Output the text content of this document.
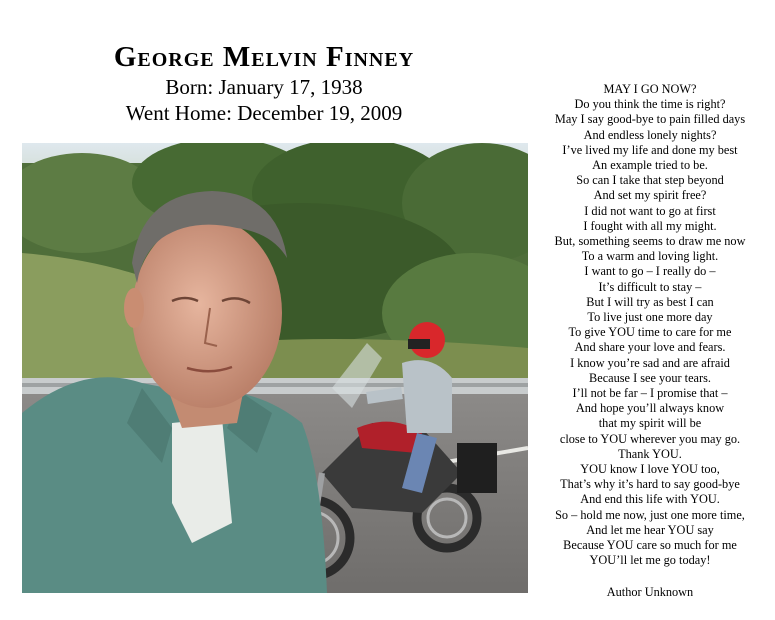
George Melvin Finney
Born: January 17, 1938
Went Home: December 19, 2009
MAY I GO NOW?
Do you think the time is right?
May I say good-bye to pain filled days
And endless lonely nights?
I’ve lived my life and done my best
An example tried to be.
So can I take that step beyond
And set my spirit free?
I did not want to go at first
I fought with all my might.
But, something seems to draw me now
To a warm and loving light.
I want to go – I really do –
It’s difficult to stay –
But I will try as best I can
To live just one more day
To give YOU time to care for me
And share your love and fears.
I know you’re sad and are afraid
Because I see your tears.
I’ll not be far – I promise that –
And hope you’ll always know
that my spirit will be
close to YOU wherever you may go.
Thank YOU.
YOU know I love YOU too,
That’s why it’s hard to say good-bye
And end this life with YOU.
So – hold me now, just one more time,
And let me hear YOU say
Because YOU care so much for me
YOU’ll let me go today!
Author Unknown
